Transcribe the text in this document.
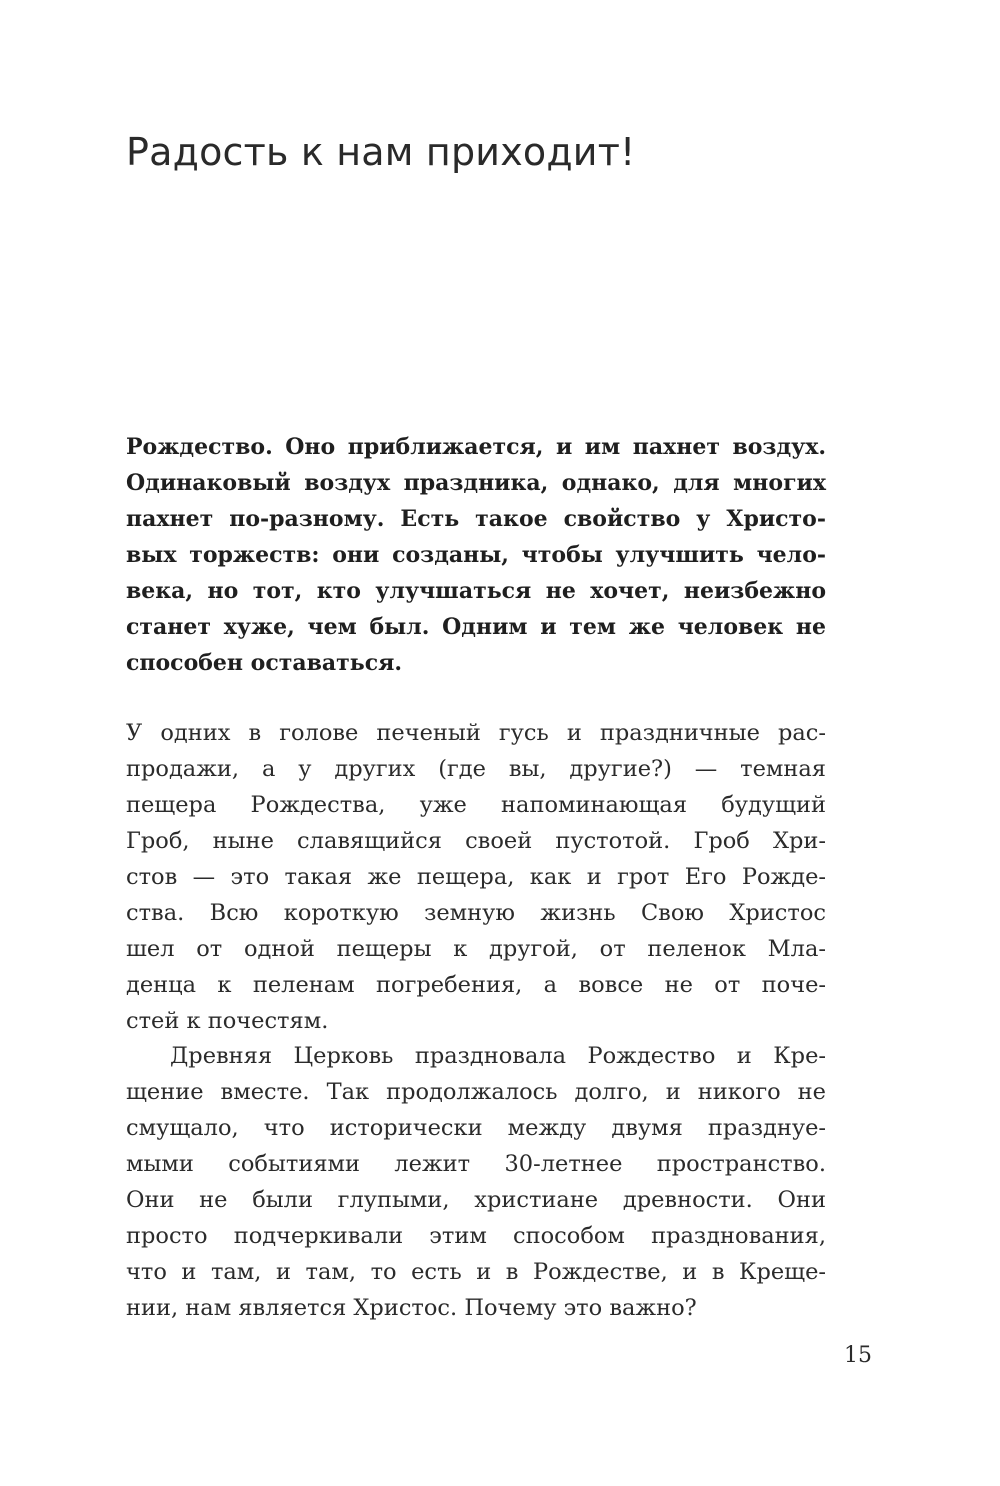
Радость к нам приходит!
Рождество. Оно приближается, и им пахнет воздух.
Одинаковый воздух праздника, однако, для многих
пахнет по-разному. Есть такое свойство у Христо-
вых торжеств: они созданы, чтобы улучшить чело-
века, но тот, кто улучшаться не хочет, неизбежно
станет хуже, чем был. Одним и тем же человек не
способен оставаться.
У одних в голове печеный гусь и праздничные рас-
продажи, а у других (где вы, другие?) — темная
пещера Рождества, уже напоминающая будущий
Гроб, ныне славящийся своей пустотой. Гроб Хри-
стов — это такая же пещера, как и грот Его Рожде-
ства. Всю короткую земную жизнь Свою Христос
шел от одной пещеры к другой, от пеленок Мла-
денца к пеленам погребения, а вовсе не от поче-
стей к почестям.
Древняя Церковь праздновала Рождество и Кре-
щение вместе. Так продолжалось долго, и никого не
смущало, что исторически между двумя празднуе-
мыми событиями лежит 30-летнее пространство.
Они не были глупыми, христиане древности. Они
просто подчеркивали этим способом празднования,
что и там, и там, то есть и в Рождестве, и в Крещe-
нии, нам является Христос. Почему это важно?
15
